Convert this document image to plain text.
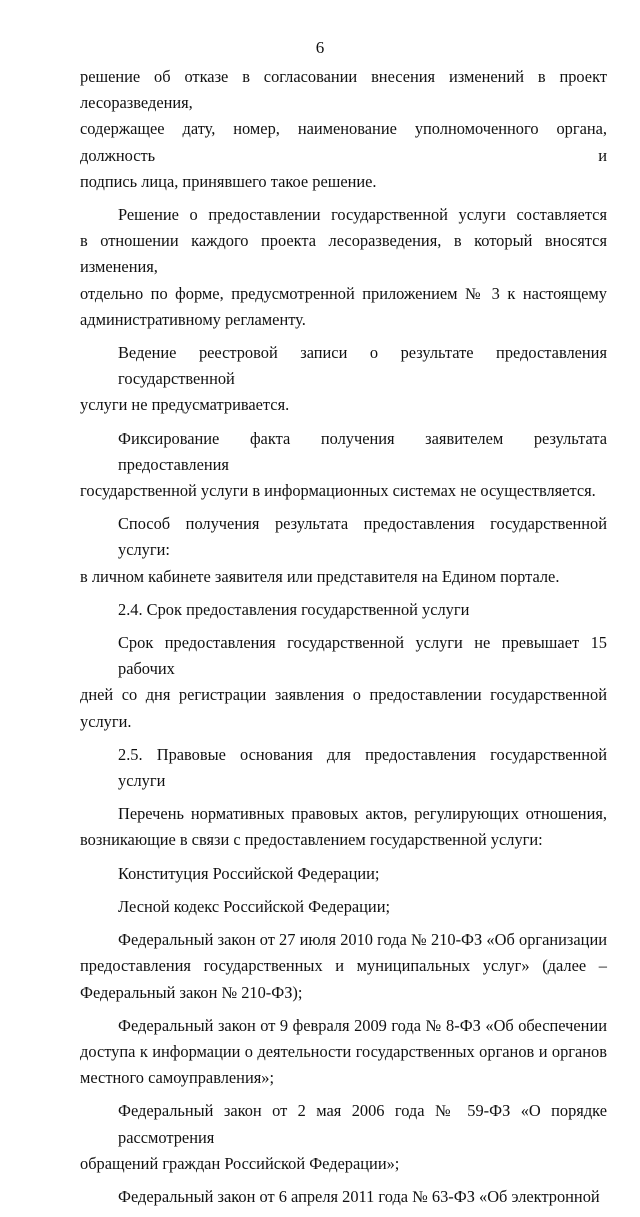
6
решение об отказе в согласовании внесения изменений в проект лесоразведения,
содержащее дату, номер, наименование уполномоченного органа, должность и
подпись лица, принявшего такое решение.
Решение о предоставлении государственной услуги составляется
в отношении каждого проекта лесоразведения, в который вносятся изменения,
отдельно по форме, предусмотренной приложением № 3 к настоящему
административному регламенту.
Ведение реестровой записи о результате предоставления государственной
услуги не предусматривается.
Фиксирование факта получения заявителем результата предоставления
государственной услуги в информационных системах не осуществляется.
Способ получения результата предоставления государственной услуги:
в личном кабинете заявителя или представителя на Едином портале.
2.4. Срок предоставления государственной услуги
Срок предоставления государственной услуги не превышает 15 рабочих
дней со дня регистрации заявления о предоставлении государственной услуги.
2.5. Правовые основания для предоставления государственной услуги
Перечень нормативных правовых актов, регулирующих отношения,
возникающие в связи с предоставлением государственной услуги:
Конституция Российской Федерации;
Лесной кодекс Российской Федерации;
Федеральный закон от 27 июля 2010 года № 210-ФЗ «Об организации
предоставления государственных и муниципальных услуг» (далее –
Федеральный закон № 210-ФЗ);
Федеральный закон от 9 февраля 2009 года № 8-ФЗ «Об обеспечении
доступа к информации о деятельности государственных органов и органов
местного самоуправления»;
Федеральный закон от 2 мая 2006 года № 59-ФЗ «О порядке рассмотрения
обращений граждан Российской Федерации»;
Федеральный закон от 6 апреля 2011 года № 63-ФЗ «Об электронной
